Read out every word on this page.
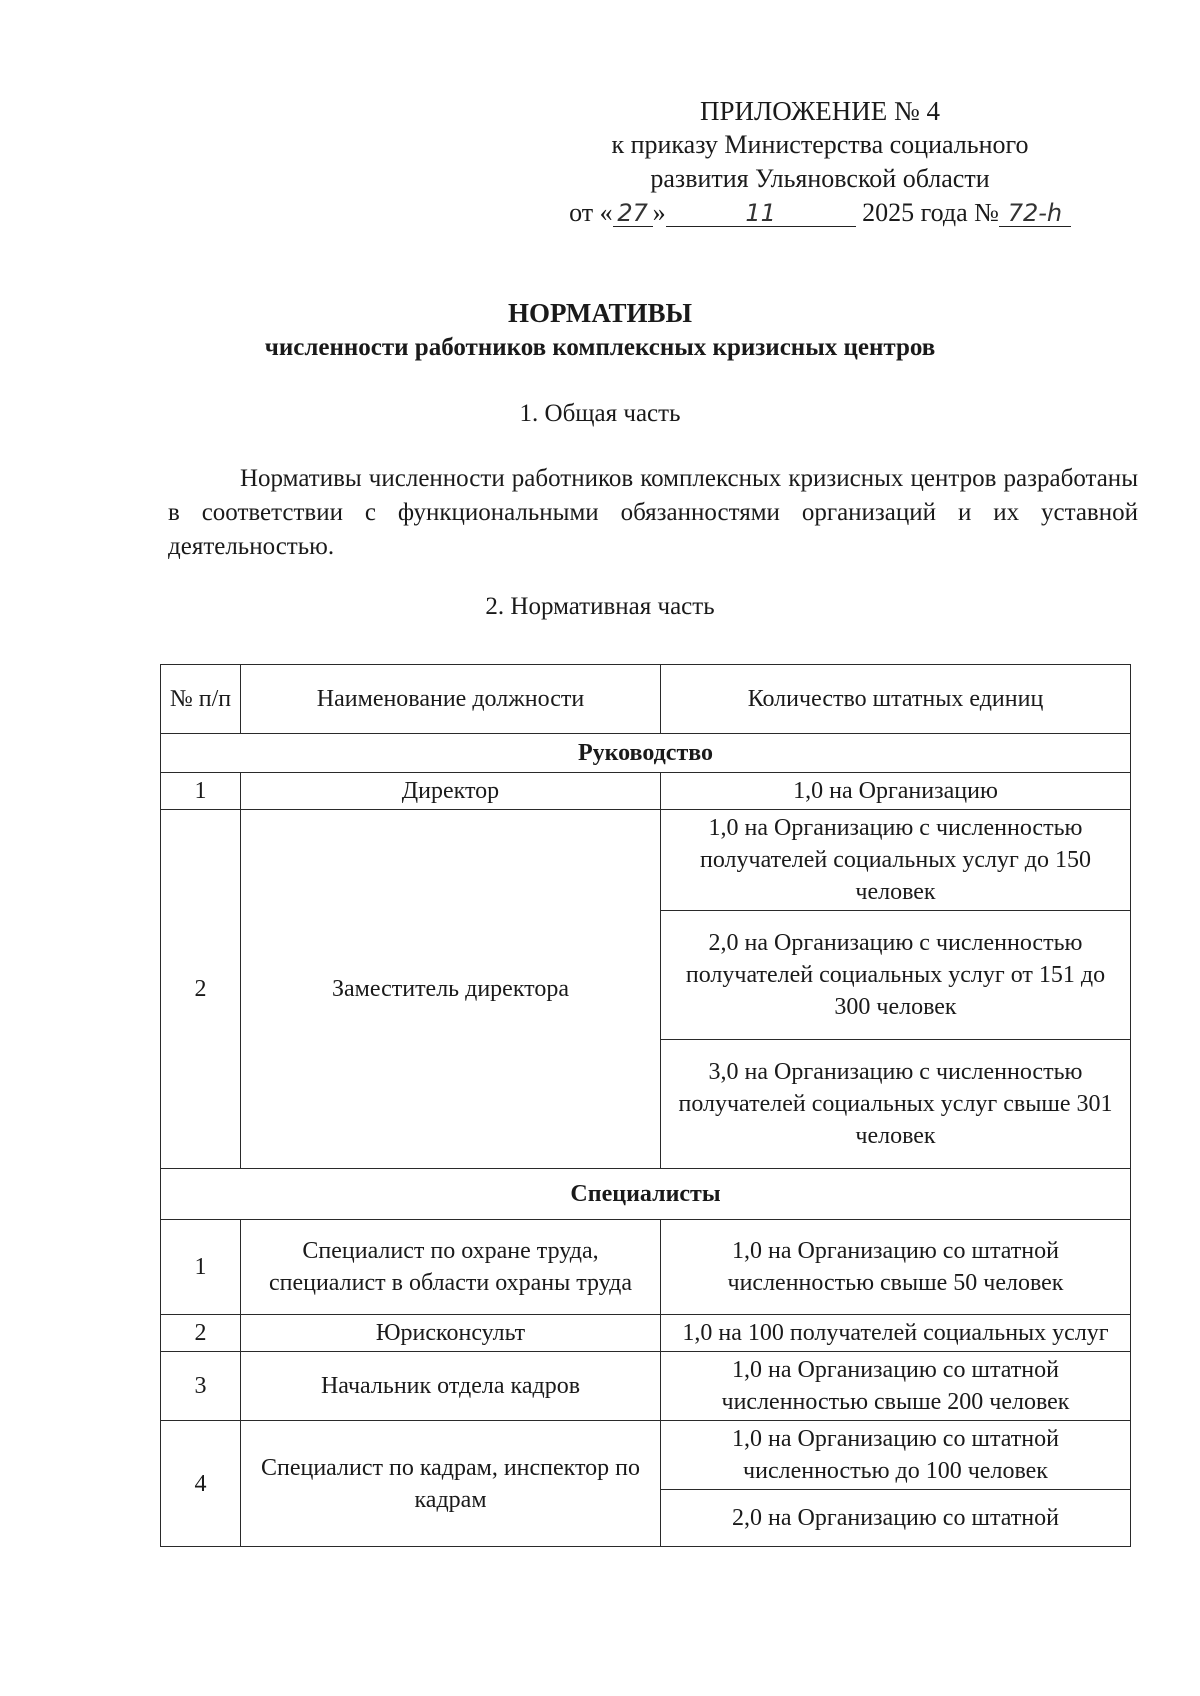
ПРИЛОЖЕНИЕ № 4
к приказу Министерства социального
развития Ульяновской области
от « 27 »	11	2025 года № 72-h
НОРМАТИВЫ
численности работников комплексных кризисных центров
1. Общая часть
Нормативы численности работников комплексных кризисных центров разработаны в соответствии с функциональными обязанностями организаций и их уставной деятельностью.
2. Нормативная часть
№ п/п	Наименование должности	Количество штатных единиц
Руководство		
1	Директор	1,0 на Организацию
2	Заместитель директора	1,0 на Организацию с численностью получателей социальных услуг до 150 человек
		2,0 на Организацию с численностью получателей социальных услуг от 151 до 300 человек
		3,0 на Организацию с численностью получателей социальных услуг свыше 301 человек
Специалисты		
1	Специалист по охране труда, специалист в области охраны труда	1,0 на Организацию со штатной численностью свыше 50 человек
2	Юрисконсульт	1,0 на 100 получателей социальных услуг
3	Начальник отдела кадров	1,0 на Организацию со штатной численностью свыше 200 человек
4	Специалист по кадрам, инспектор по кадрам	1,0 на Организацию со штатной численностью до 100 человек
		2,0 на Организацию со штатной
